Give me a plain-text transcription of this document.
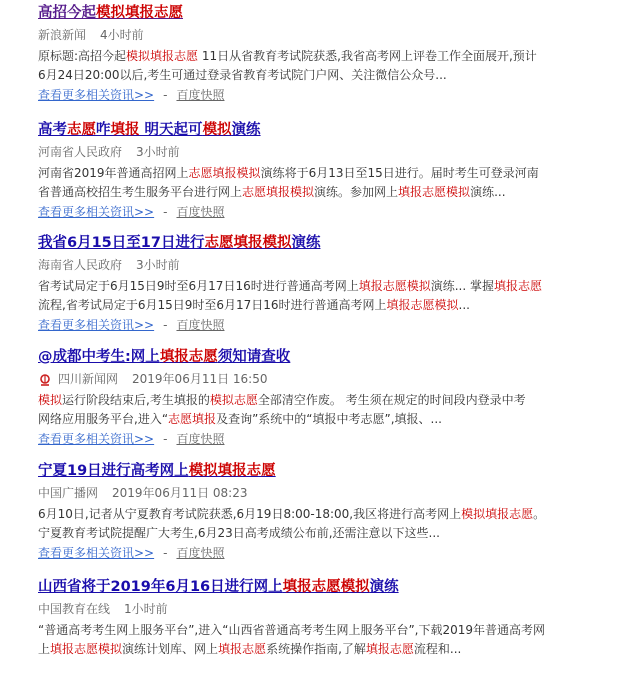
高招今起模拟填报志愿
新浪新闻 4小时前
原标题:高招今起模拟填报志愿 11日从省教育考试院获悉,我省高考网上评卷工作全面展开,预计
6月24日20:00以后,考生可通过登录省教育考试院门户网、关注微信公众号...
查看更多相关资讯>> - 百度快照
高考志愿咋填报 明天起可模拟演练
河南省人民政府 3小时前
河南省2019年普通高招网上志愿填报模拟演练将于6月13日至15日进行。届时考生可登录河南
省普通高校招生考生服务平台进行网上志愿填报模拟演练。参加网上填报志愿模拟演练...
查看更多相关资讯>> - 百度快照
我省6月15日至17日进行志愿填报模拟演练
海南省人民政府 3小时前
省考试局定于6月15日9时至6月17日16时进行普通高考网上填报志愿模拟演练... 掌握填报志愿
流程,省考试局定于6月15日9时至6月17日16时进行普通高考网上填报志愿模拟...
查看更多相关资讯>> - 百度快照
@成都中考生:网上填报志愿须知请查收
四川新闻网 2019年06月11日 16:50
模拟运行阶段结束后,考生填报的模拟志愿全部清空作废。 考生须在规定的时间段内登录中考
网络应用服务平台,进入“志愿填报及查询”系统中的“填报中考志愿”,填报、...
查看更多相关资讯>> - 百度快照
宁夏19日进行高考网上模拟填报志愿
中国广播网 2019年06月11日 08:23
6月10日,记者从宁夏教育考试院获悉,6月19日8:00-18:00,我区将进行高考网上模拟填报志愿。
宁夏教育考试院提醒广大考生,6月23日高考成绩公布前,还需注意以下这些...
查看更多相关资讯>> - 百度快照
山西省将于2019年6月16日进行网上填报志愿模拟演练
中国教育在线 1小时前
“普通高考考生网上服务平台”,进入“山西省普通高考考生网上服务平台”,下载2019年普通高考网
上填报志愿模拟演练计划库、网上填报志愿系统操作指南,了解填报志愿流程和...
